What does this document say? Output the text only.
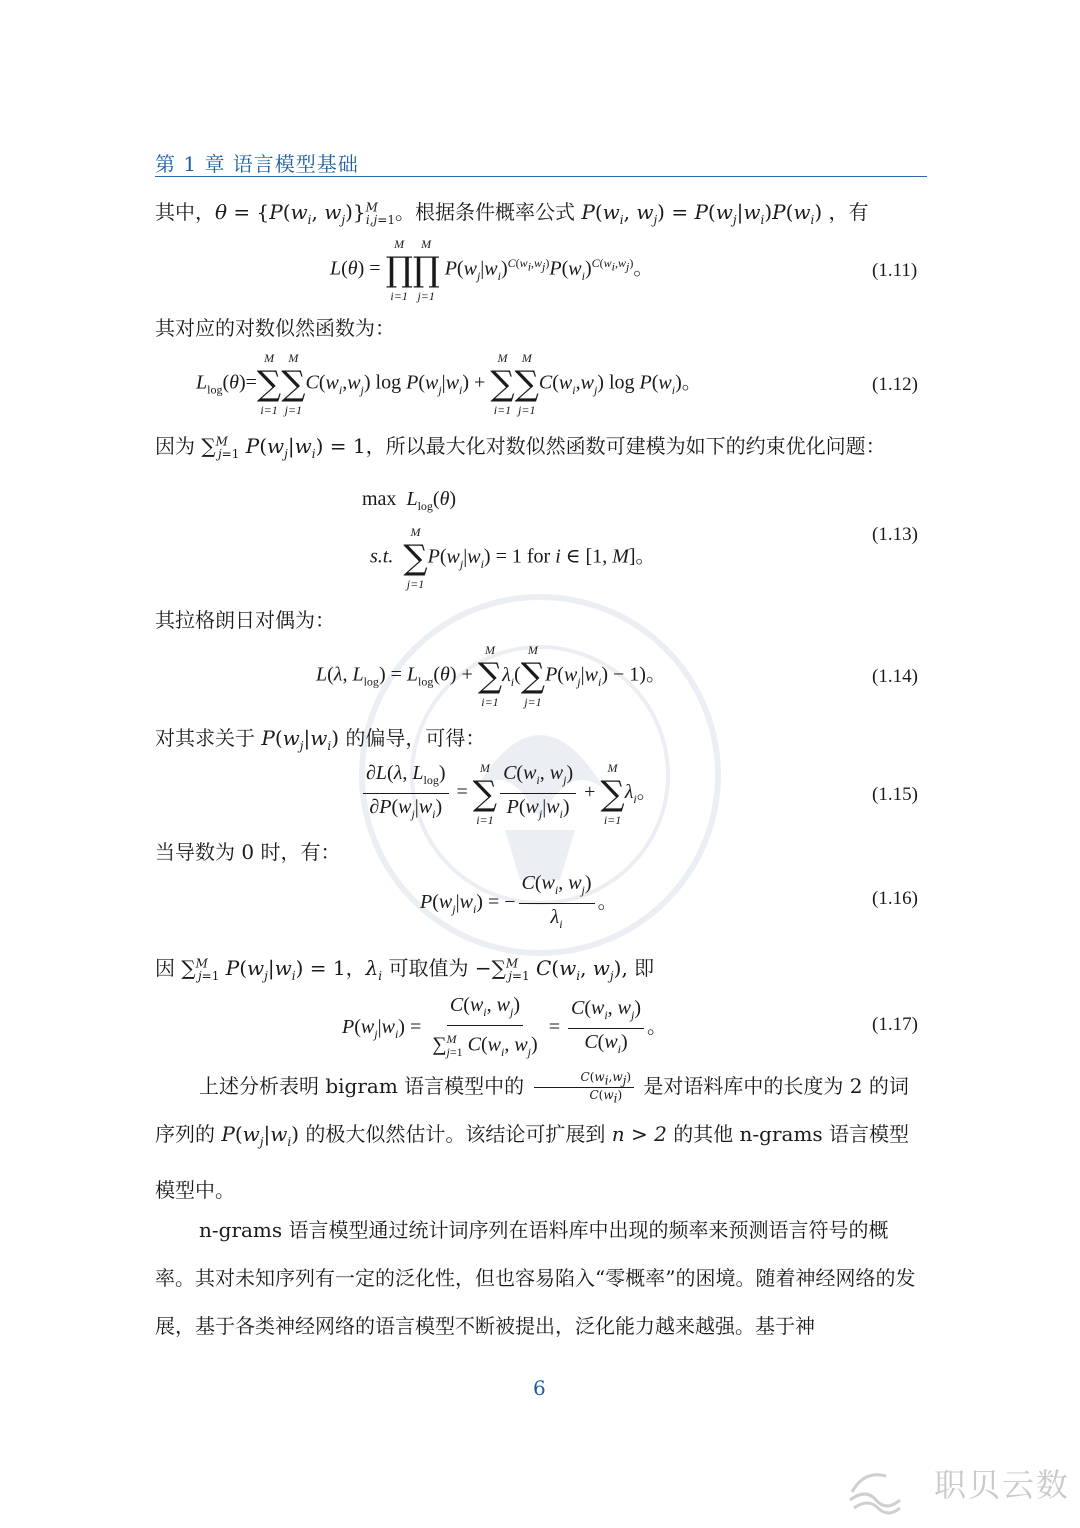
第 1 章 语言模型基础
其中，$\theta = \{P(w_i$, $w_j)\}^M_{i,j=1}$。根据条件概率公式 $P(w_i$, $w_j) = P(w_j|w_i)P(w_i)$ ，有
L(θ) =
M
∏
i=1
M
∏
j=1
$P(w_j|w_i)^{C(w_i,w_j)}P(w_i)^{C(w_i,w_j)}$。	(1.11)
其对应的对数似然函数为：
$L_{log}(\theta)=$
M
∑
i=1
M
∑
j=1
$C(w_i,w_j)$ $\log P(w_j|w_i)$ +
M
∑
i=1
M
∑
j=1
$C(w_i,w_j)$ $\log P(w_i)$。	(1.12)
因为 ∑$^M_{j=1}$ $P(w_j|w_i) = 1$，所以最大化对数似然函数可建模为如下的约束优化问题：
$\max L_{log}(\theta)$
s.t.
M
∑
j=1
$P(w_j|w_i) = 1$ for i ∈ [1, M]。
(1.13)
其拉格朗日对偶为：
L(λ, $L_{log}) = L_{log}(\theta)$ +
M
∑
i=1
$\lambda_i$(
M
∑
j=1
$P(w_j|w_i) - 1$)。	(1.14)
对其求关于 $P(w_j|w_i)$ 的偏导，可得：
$\frac{\partial L(\lambda, L_{log})}{\partial P(w_j|w_i)}$ =
M
∑
$i=1 \frac{C(w_i, w_j)}{P(w_j|w_i)}$ +
M
∑
i=1
$\lambda_i$。	(1.15)
当导数为 0 时，有：
$P(w_j|w_i)$ = − $\frac{C(w_i, w_j)}{\lambda_i}$ 。	(1.16)
因 ∑$^M_{j=1}$ $P(w_j|w_i) = 1$，$\lambda_i$ 可取值为 −∑$^M_{j=1}$ $C(w_i$, $w_j$), 即
$P(w_j|w_i) = \frac{C(w_i, w_j)}{\sum^M_{j=1} C(w_i, w_j)} = \frac{C(w_i, w_j)}{C(w_i)}$ 。	(1.17)
上述分析表明 bigram 语言模型中的 $\frac{C(w_i,w_j)}{C(w_i)}$ 是对语料库中的长度为 2 的词序列的 $P(w_j|w_i)$ 的极大似然估计。该结论可扩展到 n > 2 的其他 n-grams 语言模型模型中。
n-grams 语言模型通过统计词序列在语料库中出现的频率来预测语言符号的概率。其对未知序列有一定的泛化性，但也容易陷入“零概率”的困境。随着神经网络的发展，基于各类神经网络的语言模型不断被提出，泛化能力越来越强。基于神
6
职贝云数
